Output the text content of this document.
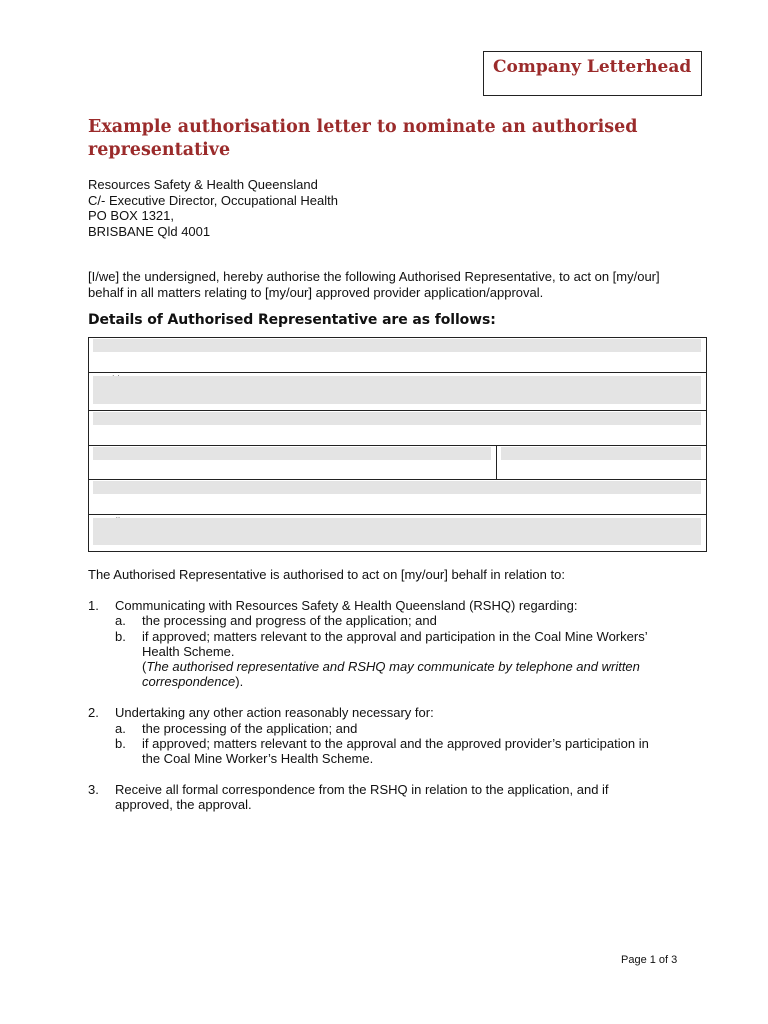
Company Letterhead
Example authorisation letter to nominate an authorised representative
Resources Safety & Health Queensland
C/- Executive Director, Occupational Health
PO BOX 1321,
BRISBANE Qld 4001

[I/we] the undersigned, hereby authorise the following Authorised Representative, to act on [my/our] behalf in all matters relating to [my/our] approved provider application/approval.

Details of Authorised Representative are as follows:

The Authorised Representative is authorised to act on [my/our] behalf in relation to:

1. Communicating with Resources Safety & Health Queensland (RSHQ) regarding:
a. the processing and progress of the application; and
b. if approved; matters relevant to the approval and participation in the Coal Mine Workers’ Health Scheme.
(The authorised representative and RSHQ may communicate by telephone and written correspondence).
2. Undertaking any other action reasonably necessary for:
a. the processing of the application; and
b. if approved; matters relevant to the approval and the approved provider’s participation in the Coal Mine Worker’s Health Scheme.
3. Receive all formal correspondence from the RSHQ in relation to the application, and if approved, the approval.
Page 1 of 3
